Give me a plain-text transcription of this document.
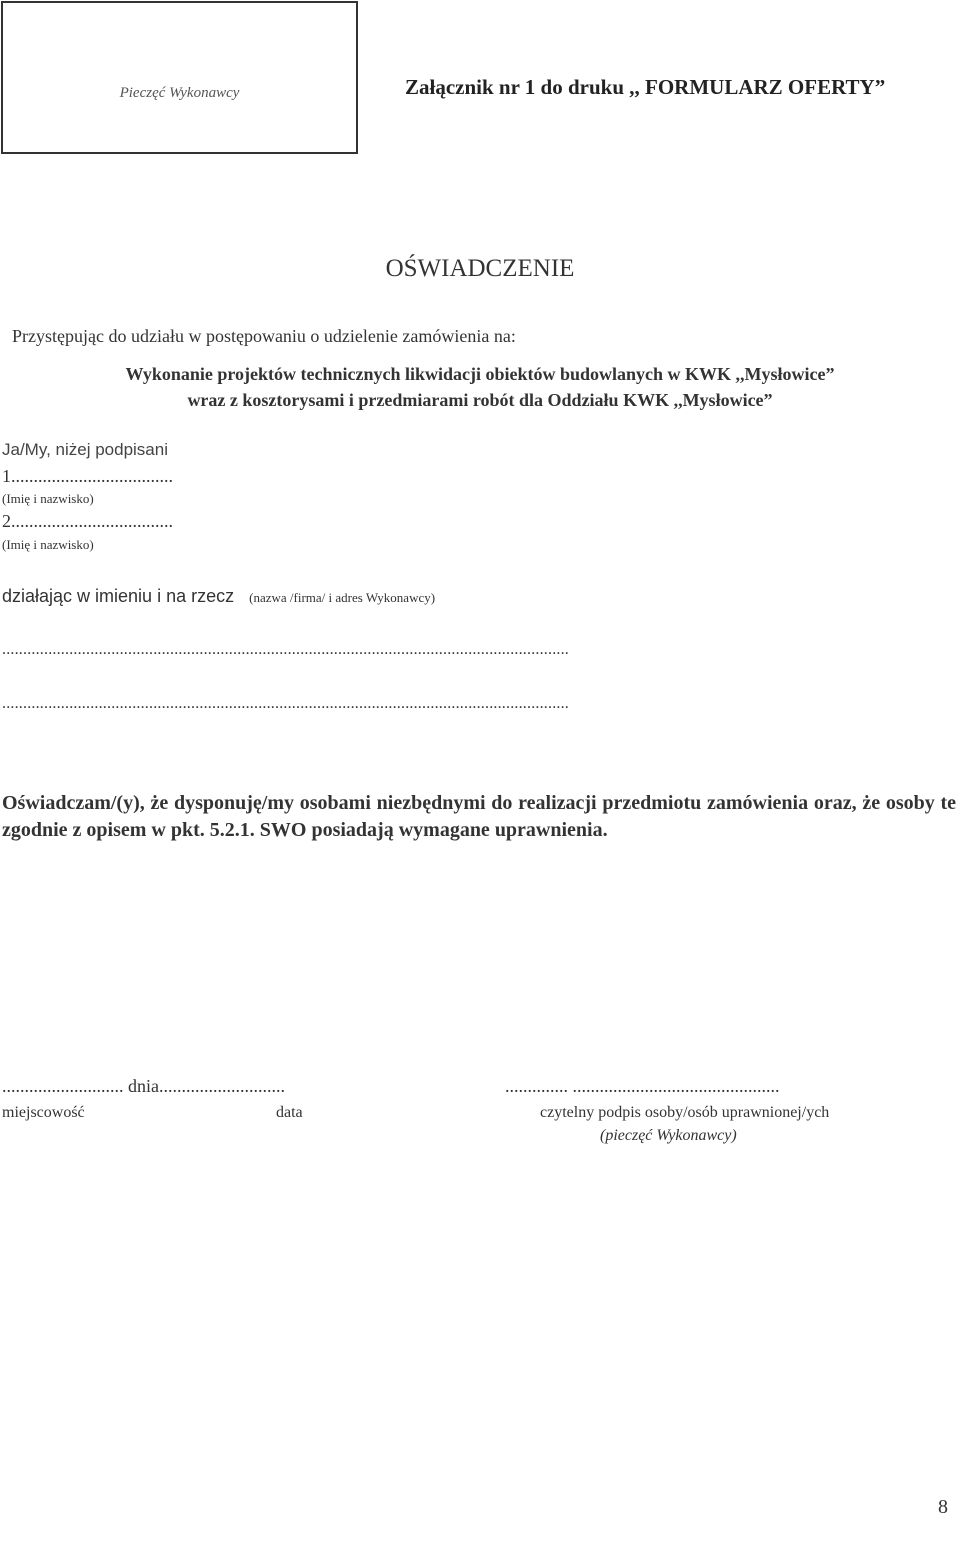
Pieczęć Wykonawcy	Załącznik nr 1 do druku ,, FORMULARZ OFERTY”
OŚWIADCZENIE
Przystępując do udziału w postępowaniu o udzielenie zamówienia na:
Wykonanie projektów technicznych likwidacji obiektów budowlanych w KWK ,,Mysłowice”
wraz z kosztorysami i przedmiarami robót dla Oddziału KWK ,,Mysłowice”
Ja/My, niżej podpisani
1....................................
(Imię i nazwisko)
2....................................
(Imię i nazwisko)
działając w imieniu i na rzecz (nazwa /firma/ i adres Wykonawcy)
.......................................................................................................................................
.......................................................................................................................................
Oświadczam/(y), że dysponuję/my osobami niezbędnymi do realizacji przedmiotu zamówienia oraz, że osoby te zgodnie z opisem w pkt. 5.2.1. SWO posiadają wymagane uprawnienia.
........................... dnia............................	.............. ..............................................
miejscowość	data	czytelny podpis osoby/osób uprawnionej/ych
(pieczęć Wykonawcy)
8
